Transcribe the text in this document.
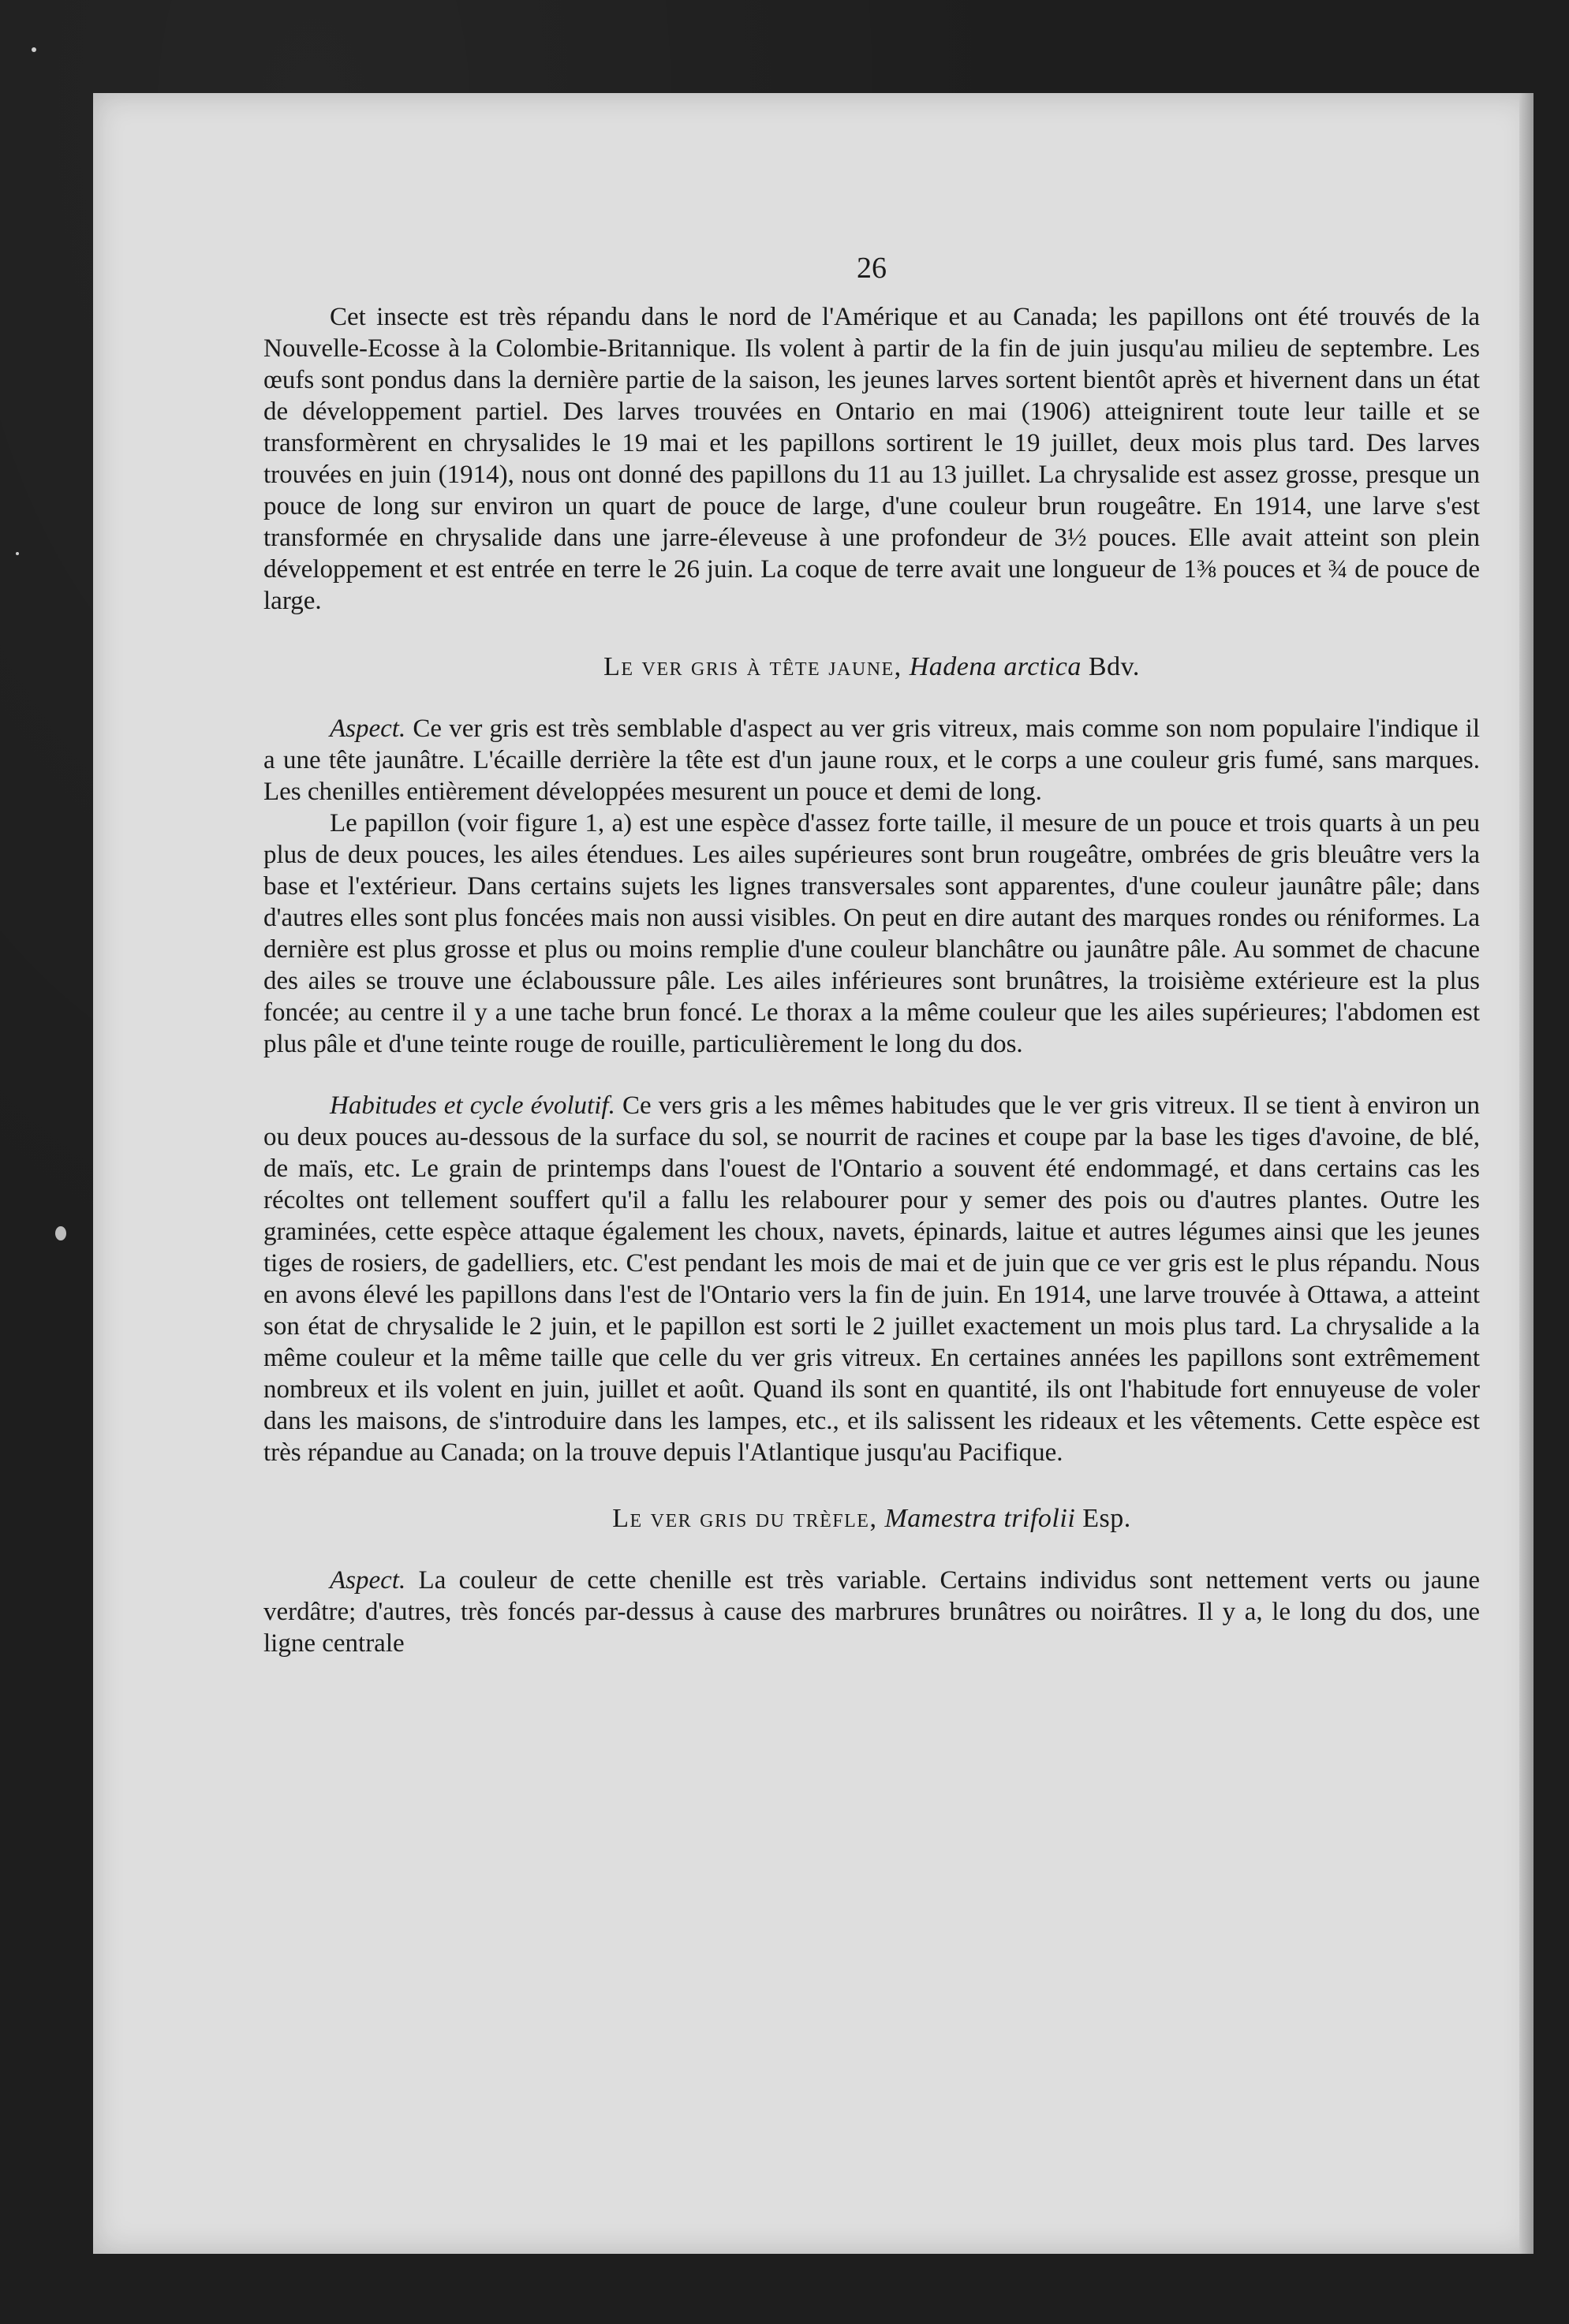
26

Cet insecte est très répandu dans le nord de l'Amérique et au Canada; les papillons ont été trouvés de la Nouvelle-Ecosse à la Colombie-Britannique. Ils volent à partir de la fin de juin jusqu'au milieu de septembre. Les œufs sont pondus dans la dernière partie de la saison, les jeunes larves sortent bientôt après et hivernent dans un état de développement partiel. Des larves trouvées en Ontario en mai (1906) atteignirent toute leur taille et se transformèrent en chrysalides le 19 mai et les papillons sortirent le 19 juillet, deux mois plus tard. Des larves trouvées en juin (1914), nous ont donné des papillons du 11 au 13 juillet. La chrysalide est assez grosse, presque un pouce de long sur environ un quart de pouce de large, d'une couleur brun rougeâtre. En 1914, une larve s'est transformée en chrysalide dans une jarre-éleveuse à une profondeur de 3½ pouces. Elle avait atteint son plein développement et est entrée en terre le 26 juin. La coque de terre avait une longueur de 1⅜ pouces et ¾ de pouce de large.

Le ver gris à tête jaune, Hadena arctica Bdv.

Aspect. Ce ver gris est très semblable d'aspect au ver gris vitreux, mais comme son nom populaire l'indique il a une tête jaunâtre. L'écaille derrière la tête est d'un jaune roux, et le corps a une couleur gris fumé, sans marques. Les chenilles entièrement développées mesurent un pouce et demi de long.

Le papillon (voir figure 1, a) est une espèce d'assez forte taille, il mesure de un pouce et trois quarts à un peu plus de deux pouces, les ailes étendues. Les ailes supérieures sont brun rougeâtre, ombrées de gris bleuâtre vers la base et l'extérieur. Dans certains sujets les lignes transversales sont apparentes, d'une couleur jaunâtre pâle; dans d'autres elles sont plus foncées mais non aussi visibles. On peut en dire autant des marques rondes ou réniformes. La dernière est plus grosse et plus ou moins remplie d'une couleur blanchâtre ou jaunâtre pâle. Au sommet de chacune des ailes se trouve une éclaboussure pâle. Les ailes inférieures sont brunâtres, la troisième extérieure est la plus foncée; au centre il y a une tache brun foncé. Le thorax a la même couleur que les ailes supérieures; l'abdomen est plus pâle et d'une teinte rouge de rouille, particulièrement le long du dos.

Habitudes et cycle évolutif. Ce vers gris a les mêmes habitudes que le ver gris vitreux. Il se tient à environ un ou deux pouces au-dessous de la surface du sol, se nourrit de racines et coupe par la base les tiges d'avoine, de blé, de maïs, etc. Le grain de printemps dans l'ouest de l'Ontario a souvent été endommagé, et dans certains cas les récoltes ont tellement souffert qu'il a fallu les relabourer pour y semer des pois ou d'autres plantes. Outre les graminées, cette espèce attaque également les choux, navets, épinards, laitue et autres légumes ainsi que les jeunes tiges de rosiers, de gadelliers, etc. C'est pendant les mois de mai et de juin que ce ver gris est le plus répandu. Nous en avons élevé les papillons dans l'est de l'Ontario vers la fin de juin. En 1914, une larve trouvée à Ottawa, a atteint son état de chrysalide le 2 juin, et le papillon est sorti le 2 juillet exactement un mois plus tard. La chrysalide a la même couleur et la même taille que celle du ver gris vitreux. En certaines années les papillons sont extrêmement nombreux et ils volent en juin, juillet et août. Quand ils sont en quantité, ils ont l'habitude fort ennuyeuse de voler dans les maisons, de s'introduire dans les lampes, etc., et ils salissent les rideaux et les vêtements. Cette espèce est très répandue au Canada; on la trouve depuis l'Atlantique jusqu'au Pacifique.

Le ver gris du trèfle, Mamestra trifolii Esp.

Aspect. La couleur de cette chenille est très variable. Certains individus sont nettement verts ou jaune verdâtre; d'autres, très foncés par-dessus à cause des marbrures brunâtres ou noirâtres. Il y a, le long du dos, une ligne centrale
